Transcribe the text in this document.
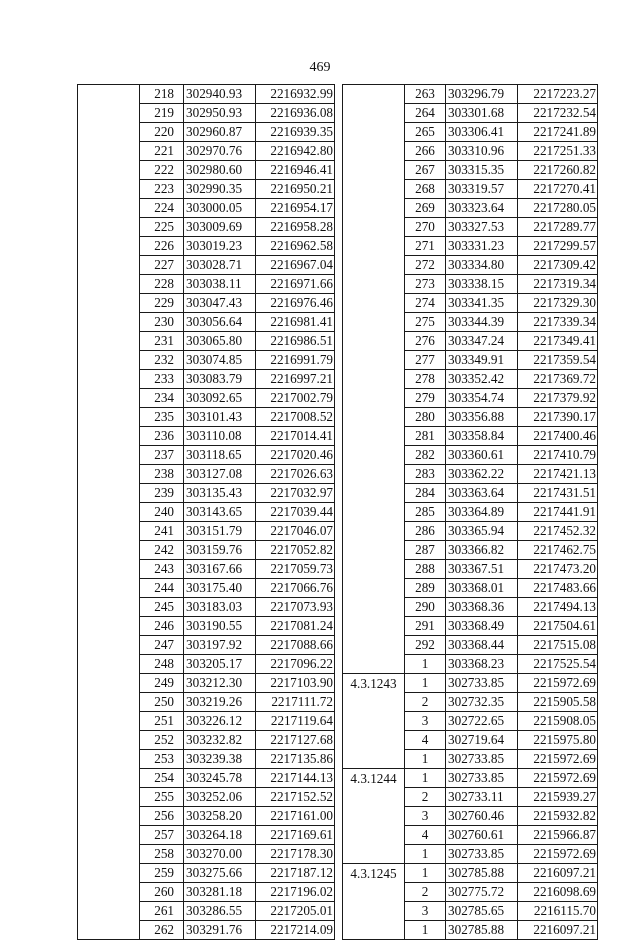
469
	218	302940.93	2216932.99			263	303296.79	2217223.27
	219	302950.93	2216936.08			264	303301.68	2217232.54
	220	302960.87	2216939.35			265	303306.41	2217241.89
	221	302970.76	2216942.80			266	303310.96	2217251.33
	222	302980.60	2216946.41			267	303315.35	2217260.82
	223	302990.35	2216950.21			268	303319.57	2217270.41
	224	303000.05	2216954.17			269	303323.64	2217280.05
	225	303009.69	2216958.28			270	303327.53	2217289.77
	226	303019.23	2216962.58			271	303331.23	2217299.57
	227	303028.71	2216967.04			272	303334.80	2217309.42
	228	303038.11	2216971.66			273	303338.15	2217319.34
	229	303047.43	2216976.46			274	303341.35	2217329.30
	230	303056.64	2216981.41			275	303344.39	2217339.34
	231	303065.80	2216986.51			276	303347.24	2217349.41
	232	303074.85	2216991.79			277	303349.91	2217359.54
	233	303083.79	2216997.21			278	303352.42	2217369.72
	234	303092.65	2217002.79			279	303354.74	2217379.92
	235	303101.43	2217008.52			280	303356.88	2217390.17
	236	303110.08	2217014.41			281	303358.84	2217400.46
	237	303118.65	2217020.46			282	303360.61	2217410.79
	238	303127.08	2217026.63			283	303362.22	2217421.13
	239	303135.43	2217032.97			284	303363.64	2217431.51
	240	303143.65	2217039.44			285	303364.89	2217441.91
	241	303151.79	2217046.07			286	303365.94	2217452.32
	242	303159.76	2217052.82			287	303366.82	2217462.75
	243	303167.66	2217059.73			288	303367.51	2217473.20
	244	303175.40	2217066.76			289	303368.01	2217483.66
	245	303183.03	2217073.93			290	303368.36	2217494.13
	246	303190.55	2217081.24			291	303368.49	2217504.61
	247	303197.92	2217088.66			292	303368.44	2217515.08
	248	303205.17	2217096.22			1	303368.23	2217525.54
	249	303212.30	2217103.90		4.3.1243	1	302733.85	2215972.69
	250	303219.26	2217111.72			2	302732.35	2215905.58
	251	303226.12	2217119.64			3	302722.65	2215908.05
	252	303232.82	2217127.68			4	302719.64	2215975.80
	253	303239.38	2217135.86			1	302733.85	2215972.69
	254	303245.78	2217144.13		4.3.1244	1	302733.85	2215972.69
	255	303252.06	2217152.52			2	302733.11	2215939.27
	256	303258.20	2217161.00			3	302760.46	2215932.82
	257	303264.18	2217169.61			4	302760.61	2215966.87
	258	303270.00	2217178.30			1	302733.85	2215972.69
	259	303275.66	2217187.12		4.3.1245	1	302785.88	2216097.21
	260	303281.18	2217196.02			2	302775.72	2216098.69
	261	303286.55	2217205.01			3	302785.65	2216115.70
	262	303291.76	2217214.09			1	302785.88	2216097.21
